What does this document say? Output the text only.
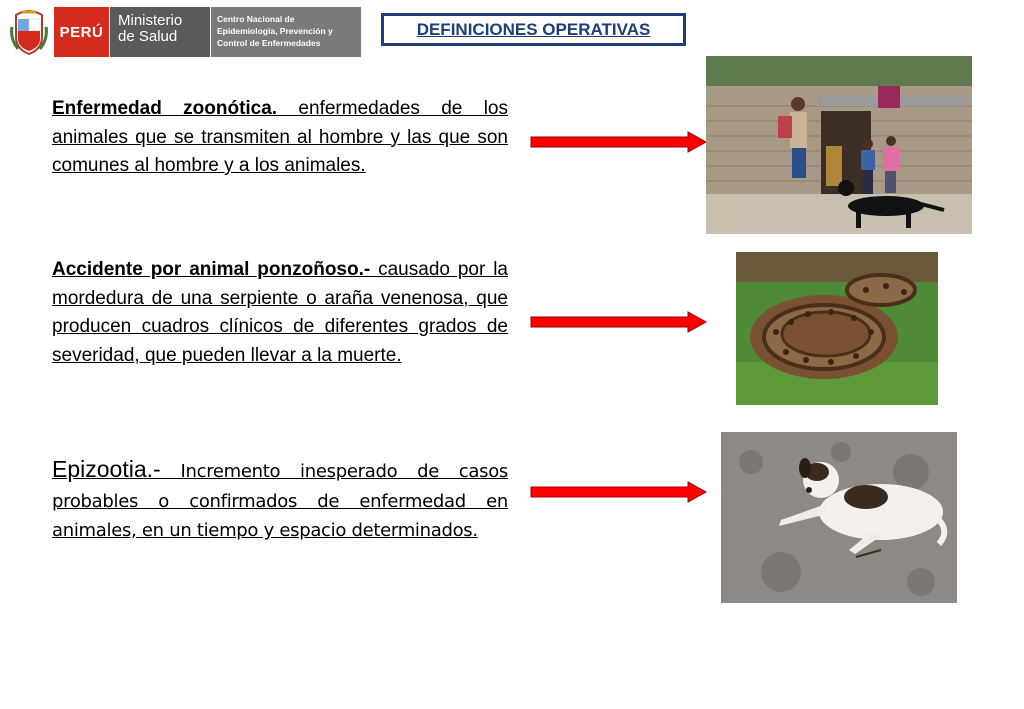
PERÚ
Ministerio
de Salud
Centro Nacional de
Epidemiología, Prevención y
Control de Enfermedades
DEFINICIONES OPERATIVAS

Enfermedad zoonótica. enfermedades de los animales que se transmiten al hombre y las que son comunes al hombre y a los animales.

Accidente por animal ponzoñoso.- causado por la mordedura de una serpiente o araña venenosa, que producen cuadros clínicos de diferentes grados de severidad, que pueden llevar a la muerte.

Epizootia.- Incremento inesperado de casos probables o confirmados de enfermedad en animales, en un tiempo y espacio determinados.
